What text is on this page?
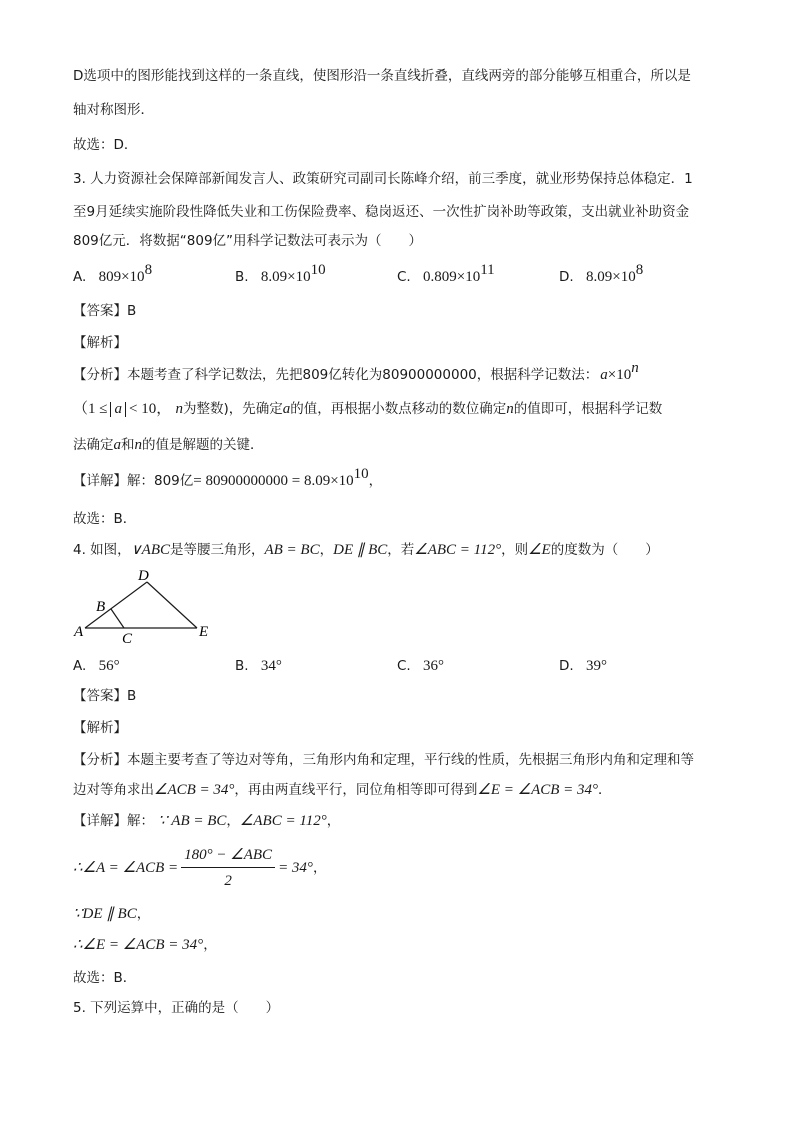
D选项中的图形能找到这样的一条直线，使图形沿一条直线折叠，直线两旁的部分能够互相重合，所以是
轴对称图形．
故选：D．
3. 人力资源社会保障部新闻发言人、政策研究司副司长陈峰介绍，前三季度，就业形势保持总体稳定．1
至9月延续实施阶段性降低失业和工伤保险费率、稳岗返还、一次性扩岗补助等政策，支出就业补助资金
809亿元．将数据“809亿”用科学记数法可表示为（　　）
A. $809\times 10^8$	B. $8.09\times 10^{10}$	C. $0.809\times 10^{11}$	D. $8.09\times 10^8$
【答案】B
【解析】
【分析】本题考查了科学记数法，先把809亿转化为80900000000，根据科学记数法： $a\times 10^n$
（1 ≤ a < 10， n为整数)，先确定a的值，再根据小数点移动的数位确定n的值即可，根据科学记数
法确定a和n的值是解题的关键．
【详解】解：809亿= $80900000000 = 8.09\times 10^{10}$，
故选：B．
4. 如图，∨ABC是等腰三角形，AB = BC，DE ∥ BC，若∠ABC = 112°，则∠E的度数为（　　）
D
B
A	C	E
A. 56°	B. 34°	C. 36°	D. 39°
【答案】B
【解析】
【分析】本题主要考查了等边对等角，三角形内角和定理，平行线的性质，先根据三角形内角和定理和等
边对等角求出∠ACB = 34°，再由两直线平行，同位角相等即可得到∠E = ∠ACB = 34°．
【详解】解： ∵ AB = BC，∠ABC = 112°，
∴∠A = ∠ACB = $\frac{\text{180° − ∠ABC}}{2} = 34^\circ$，
∵DE ∥ BC，
∴∠E = ∠ACB = 34°，
故选：B．
5. 下列运算中，正确的是（　　）
